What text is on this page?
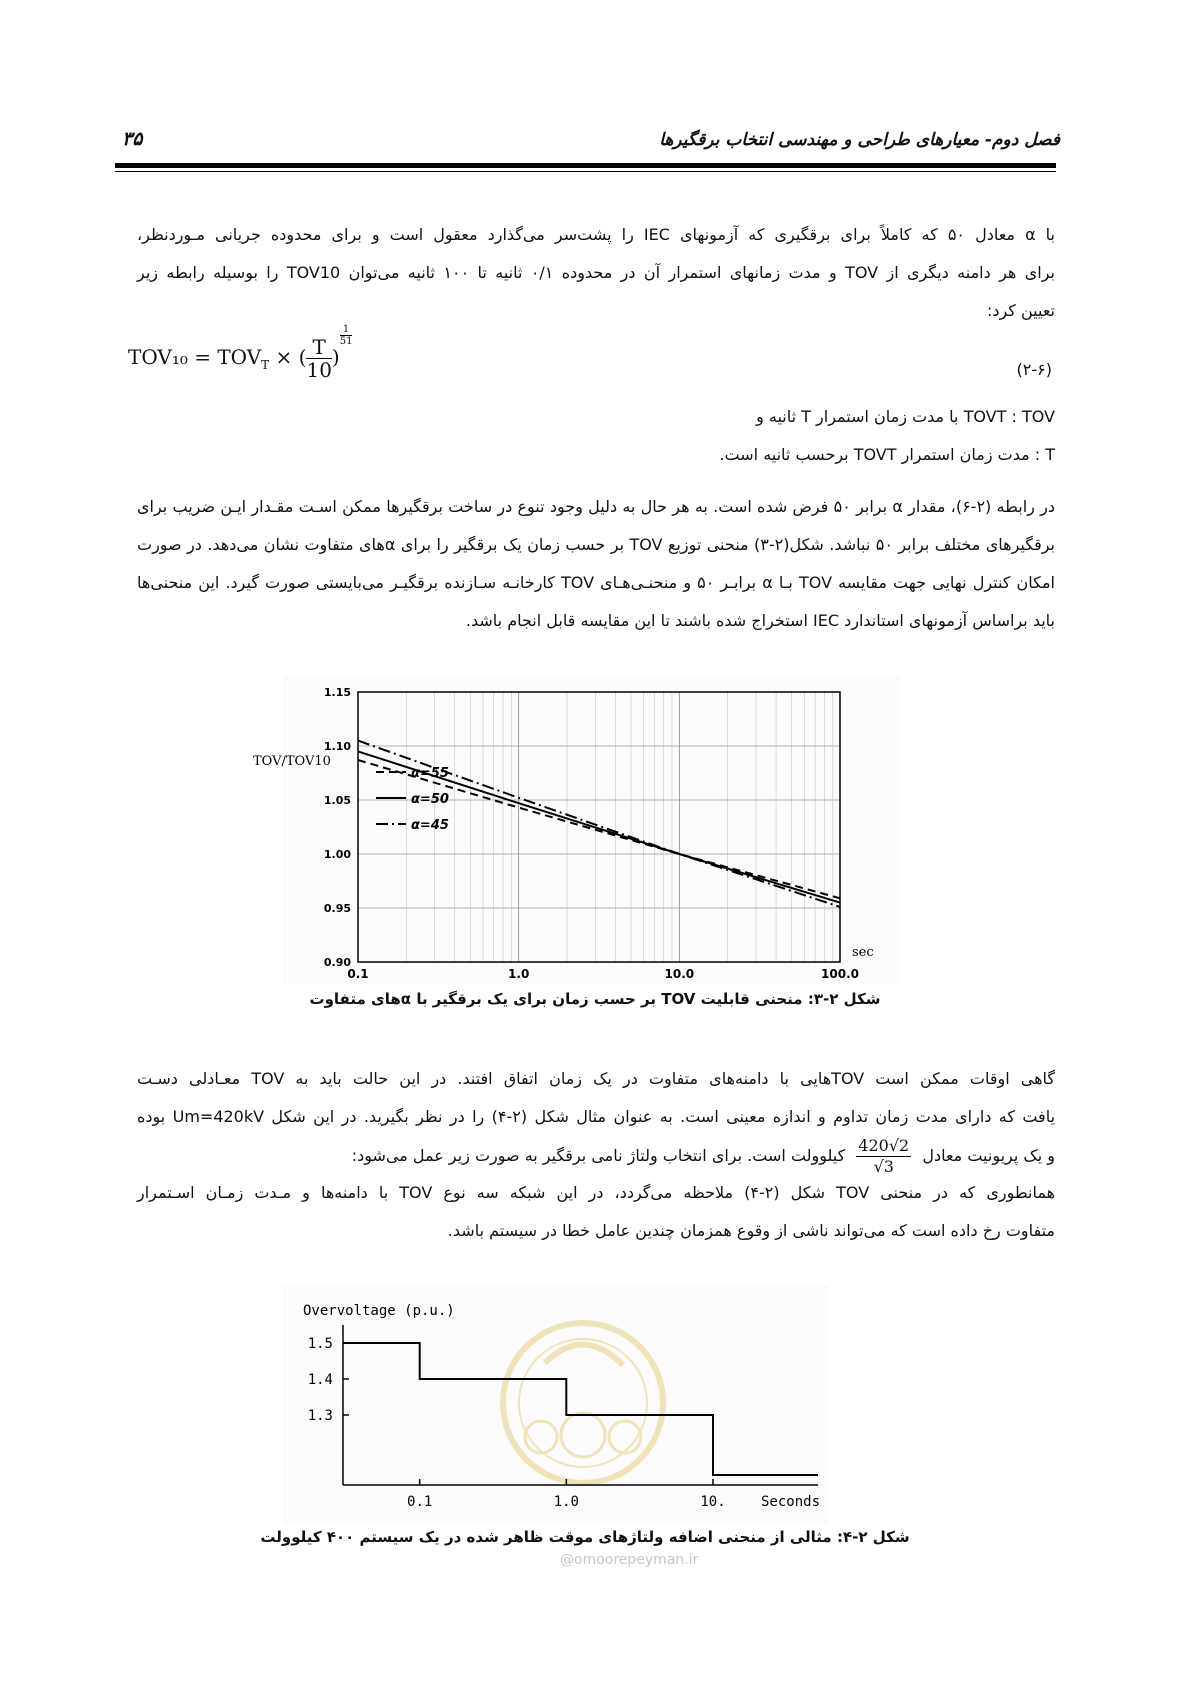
۳۵	فصل دوم- معیارهای طراحی و مهندسی انتخاب برقگیرها

با α معادل ۵۰ که کاملاً برای برقگیری که آزمونهای IEC را پشت‌سر می‌گذارد معقول است و برای محدوده جریانی مـوردنظر،

برای هر دامنه دیگری از TOV و مدت زمانهای استمرار آن در محدوده ۰/۱ ثانیه تا ۱۰۰ ثانیه می‌توان TOV10 را بوسیله رابطه زیر

تعیین کرد:

$TOV_{10} = TOV_T$ × ( $\frac{T}{10}$ )
$\frac{1}{51}$
(۲-۶)

TOVT : TOV با مدت زمان استمرار T ثانیه و

T : مدت زمان استمرار TOVT برحسب ثانیه است.

در رابطه (۲-۶)، مقدار α برابر ۵۰ فرض شده است. به هر حال به دلیل وجود تنوع در ساخت برقگیرها ممکن اسـت مقـدار ایـن ضریب برای برقگیرهای مختلف برابر ۵۰ نباشد. شکل(۲-۳) منحنی توزیع TOV بر حسب زمان یک برقگیر را برای αهای متفاوت نشان می‌دهد. در صورت امکان کنترل نهایی جهت مقایسه TOV بـا α برابـر ۵۰ و منحنـی‌هـای TOV کارخانـه سـازنده برقگیـر می‌بایستی صورت گیرد. این منحنی‌ها باید براساس آزمونهای استاندارد IEC استخراج شده باشند تا این مقایسه قابل انجام باشد.

1.15
1.10
1.05
1.00
0.95
0.90
0.1	1.0	10.0	100.0
α=55
α=50
α=45
TOV/TOV10
sec
شکل ۲-۳: منحنی قابلیت TOV بر حسب زمان برای یک برقگیر با αهای متفاوت

گاهی اوقات ممکن است TOVهایی با دامنه‌های متفاوت در یک زمان اتفاق افتند. در این حالت باید به TOV معـادلی دسـت

یافت که دارای مدت زمان تداوم و اندازه معینی است. به عنوان مثال شکل (۲-۴) را در نظر بگیرید. در این شکل Um=420kV بوده

و یک پریونیت معادل
$\frac{420√2}{√3}$
کیلوولت است. برای انتخاب ولتاژ نامی برقگیر به صورت زیر عمل می‌شود:

همانطوری که در منحنی TOV شکل (۲-۴) ملاحظه می‌گردد، در این شبکه سه نوع TOV با دامنه‌ها و مـدت زمـان اسـتمرار

متفاوت رخ داده است که می‌تواند ناشی از وقوع همزمان چندین عامل خطا در سیستم باشد.

Overvoltage (p.u.)
1.5
1.4
1.3
0.1	1.0	10.	Seconds
شکل ۲-۴: مثالی از منحنی اضافه ولتاژهای موقت ظاهر شده در یک سیستم ۴۰۰ کیلوولت
@omoorepeyman.ir
